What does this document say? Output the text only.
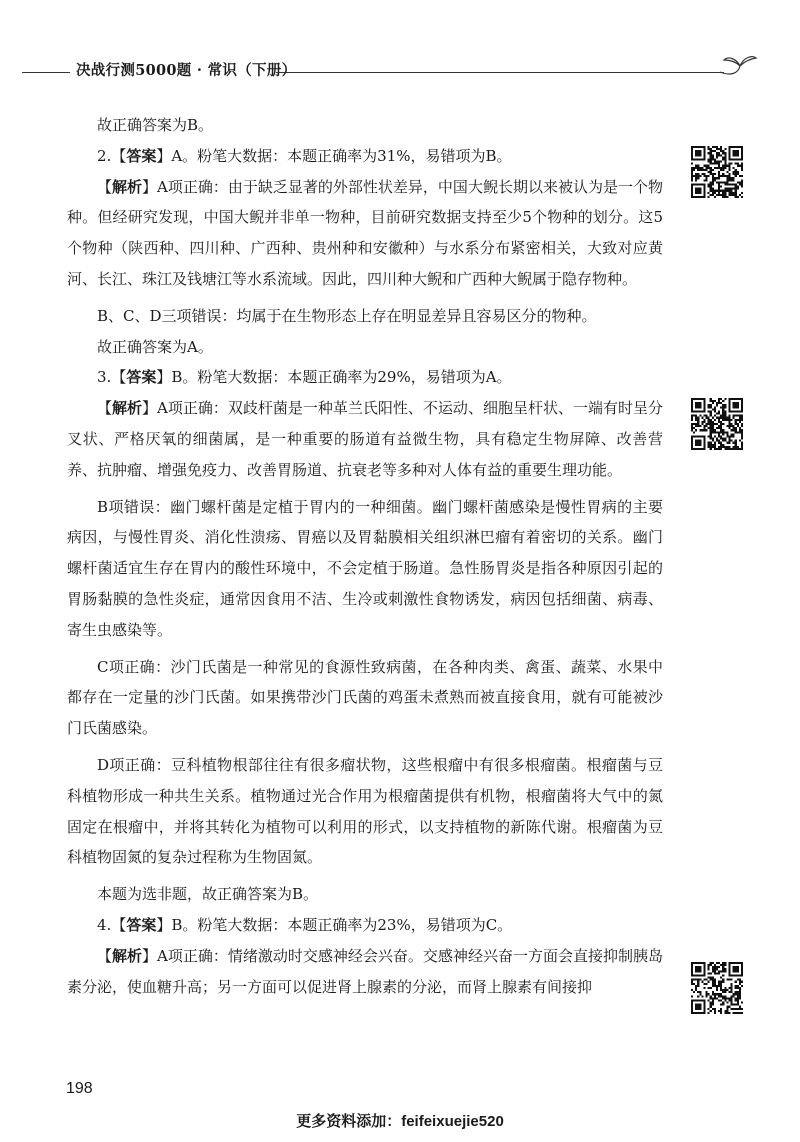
决战行测5000题 · 常识（下册）

故正确答案为B。

2.【答案】A。粉笔大数据：本题正确率为31%，易错项为B。

【解析】A项正确：由于缺乏显著的外部性状差异，中国大鲵长期以来被认为是一个物种。但经研究发现，中国大鲵并非单一物种，目前研究数据支持至少5个物种的划分。这5个物种（陕西种、四川种、广西种、贵州种和安徽种）与水系分布紧密相关，大致对应黄河、长江、珠江及钱塘江等水系流域。因此，四川种大鲵和广西种大鲵属于隐存物种。

B、C、D三项错误：均属于在生物形态上存在明显差异且容易区分的物种。

故正确答案为A。

3.【答案】B。粉笔大数据：本题正确率为29%，易错项为A。

【解析】A项正确：双歧杆菌是一种革兰氏阳性、不运动、细胞呈杆状、一端有时呈分叉状、严格厌氧的细菌属，是一种重要的肠道有益微生物，具有稳定生物屏障、改善营养、抗肿瘤、增强免疫力、改善胃肠道、抗衰老等多种对人体有益的重要生理功能。

B项错误：幽门螺杆菌是定植于胃内的一种细菌。幽门螺杆菌感染是慢性胃病的主要病因，与慢性胃炎、消化性溃疡、胃癌以及胃黏膜相关组织淋巴瘤有着密切的关系。幽门螺杆菌适宜生存在胃内的酸性环境中，不会定植于肠道。急性肠胃炎是指各种原因引起的胃肠黏膜的急性炎症，通常因食用不洁、生冷或刺激性食物诱发，病因包括细菌、病毒、寄生虫感染等。

C项正确：沙门氏菌是一种常见的食源性致病菌，在各种肉类、禽蛋、蔬菜、水果中都存在一定量的沙门氏菌。如果携带沙门氏菌的鸡蛋未煮熟而被直接食用，就有可能被沙门氏菌感染。

D项正确：豆科植物根部往往有很多瘤状物，这些根瘤中有很多根瘤菌。根瘤菌与豆科植物形成一种共生关系。植物通过光合作用为根瘤菌提供有机物，根瘤菌将大气中的氮固定在根瘤中，并将其转化为植物可以利用的形式，以支持植物的新陈代谢。根瘤菌为豆科植物固氮的复杂过程称为生物固氮。

本题为选非题，故正确答案为B。

4.【答案】B。粉笔大数据：本题正确率为23%，易错项为C。

【解析】A项正确：情绪激动时交感神经会兴奋。交感神经兴奋一方面会直接抑制胰岛素分泌，使血糖升高；另一方面可以促进肾上腺素的分泌，而肾上腺素有间接抑

198
更多资料添加：feifeixuejie520
